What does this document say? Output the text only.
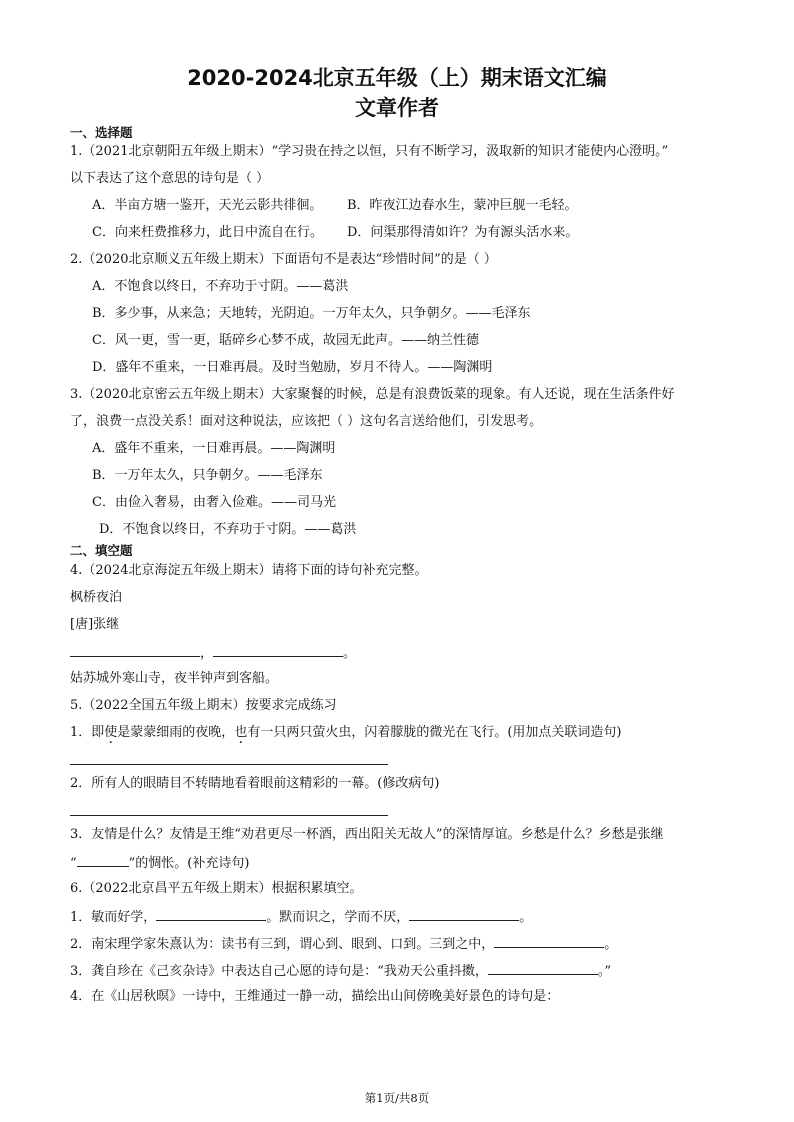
2020-2024北京五年级（上）期末语文汇编
文章作者
一、选择题
1.（2021北京朝阳五年级上期末）“学习贵在持之以恒，只有不断学习，汲取新的知识才能使内心澄明。”
以下表达了这个意思的诗句是（ ）
A．半亩方塘一鉴开，天光云影共徘徊。 B．昨夜江边春水生，蒙冲巨舰一毛轻。
C．向来枉费推移力，此日中流自在行。 D．问渠那得清如许？为有源头活水来。
2.（2020北京顺义五年级上期末）下面语句不是表达“珍惜时间”的是（ ）
A．不饱食以终日，不弃功于寸阴。——葛洪
B．多少事，从来急；天地转，光阴迫。一万年太久，只争朝夕。——毛泽东
C．风一更，雪一更，聒碎乡心梦不成，故园无此声。——纳兰性德
D．盛年不重来，一日难再晨。及时当勉励，岁月不待人。——陶渊明
3.（2020北京密云五年级上期末）大家聚餐的时候，总是有浪费饭菜的现象。有人还说，现在生活条件好
了，浪费一点没关系！面对这种说法，应该把（ ）这句名言送给他们，引发思考。
A．盛年不重来，一日难再晨。——陶渊明
B．一万年太久，只争朝夕。——毛泽东
C．由俭入奢易，由奢入俭难。——司马光
D．不饱食以终日，不弃功于寸阴。——葛洪
二、填空题
4.（2024北京海淀五年级上期末）请将下面的诗句补充完整。
枫桥夜泊
[唐]张继
，	。
姑苏城外寒山寺，夜半钟声到客船。
5.（2022全国五年级上期末）按要求完成练习
1．即使是蒙蒙细雨的夜晚，也有一只两只萤火虫，闪着朦胧的微光在飞行。(用加点关联词造句)
2．所有人的眼睛目不转睛地看着眼前这精彩的一幕。(修改病句)
3．友情是什么？友情是王维“劝君更尽一杯酒，西出阳关无故人”的深情厚谊。乡愁是什么？乡愁是张继
“	”的惆怅。(补充诗句)
6.（2022北京昌平五年级上期末）根据积累填空。
1．敏而好学，	。默而识之，学而不厌，	。
2．南宋理学家朱熹认为：读书有三到，谓心到、眼到、口到。三到之中，	。
3．龚自珍在《己亥杂诗》中表达自己心愿的诗句是：“我劝天公重抖擞，	。”
4．在《山居秋暝》一诗中，王维通过一静一动，描绘出山间傍晚美好景色的诗句是：
第1页/共8页
